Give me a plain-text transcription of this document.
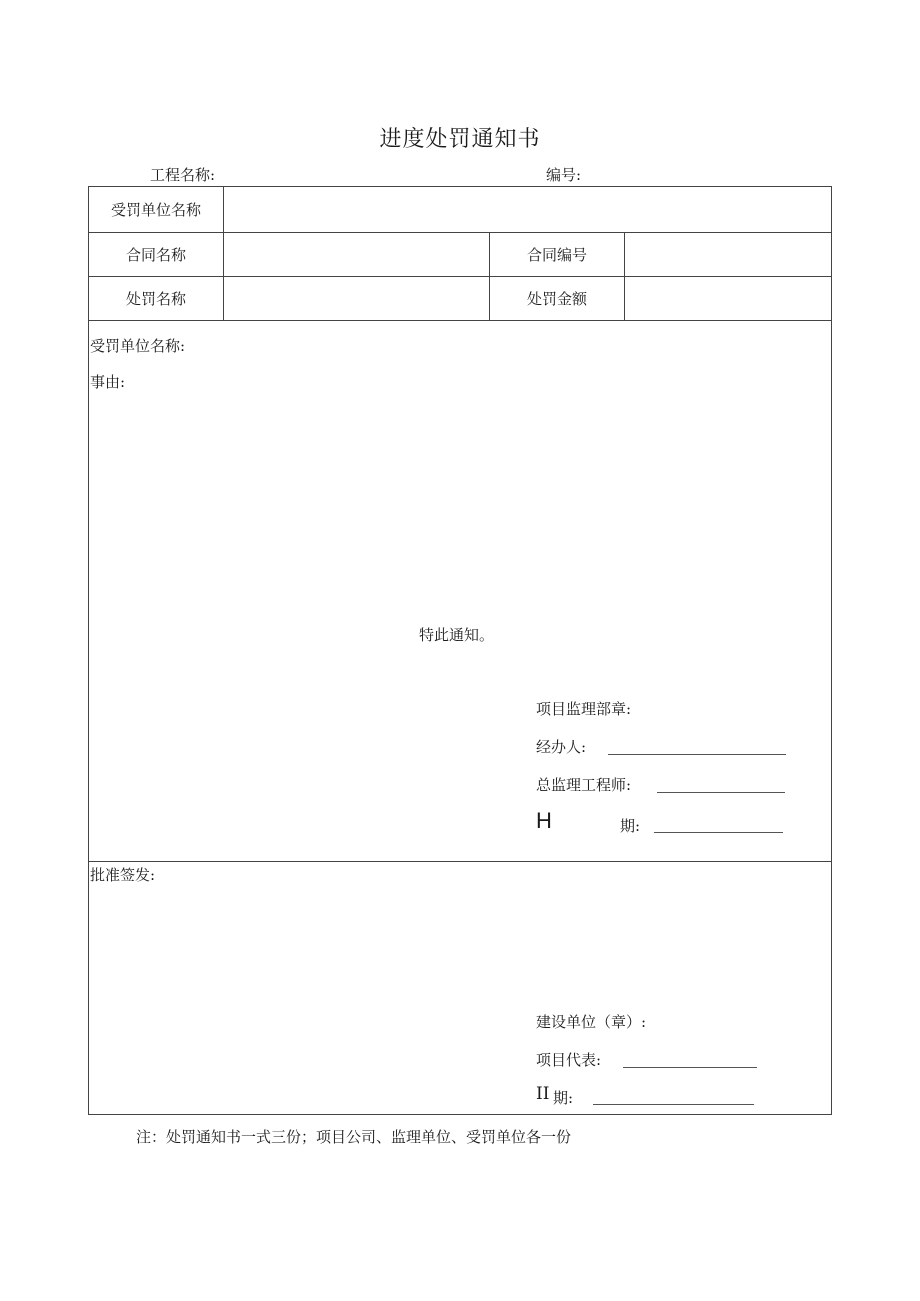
进度处罚通知书
工程名称:	编号:
受罚单位名称
合同名称	合同编号
处罚名称	处罚金额
受罚单位名称:
事由:
特此通知。
项目监理部章:
经办人:
总监理工程师:
H	期:
批准签发:
建设单位（章）:
项目代表:
II 期:
注：处罚通知书一式三份；项目公司、监理单位、受罚单位各一份
